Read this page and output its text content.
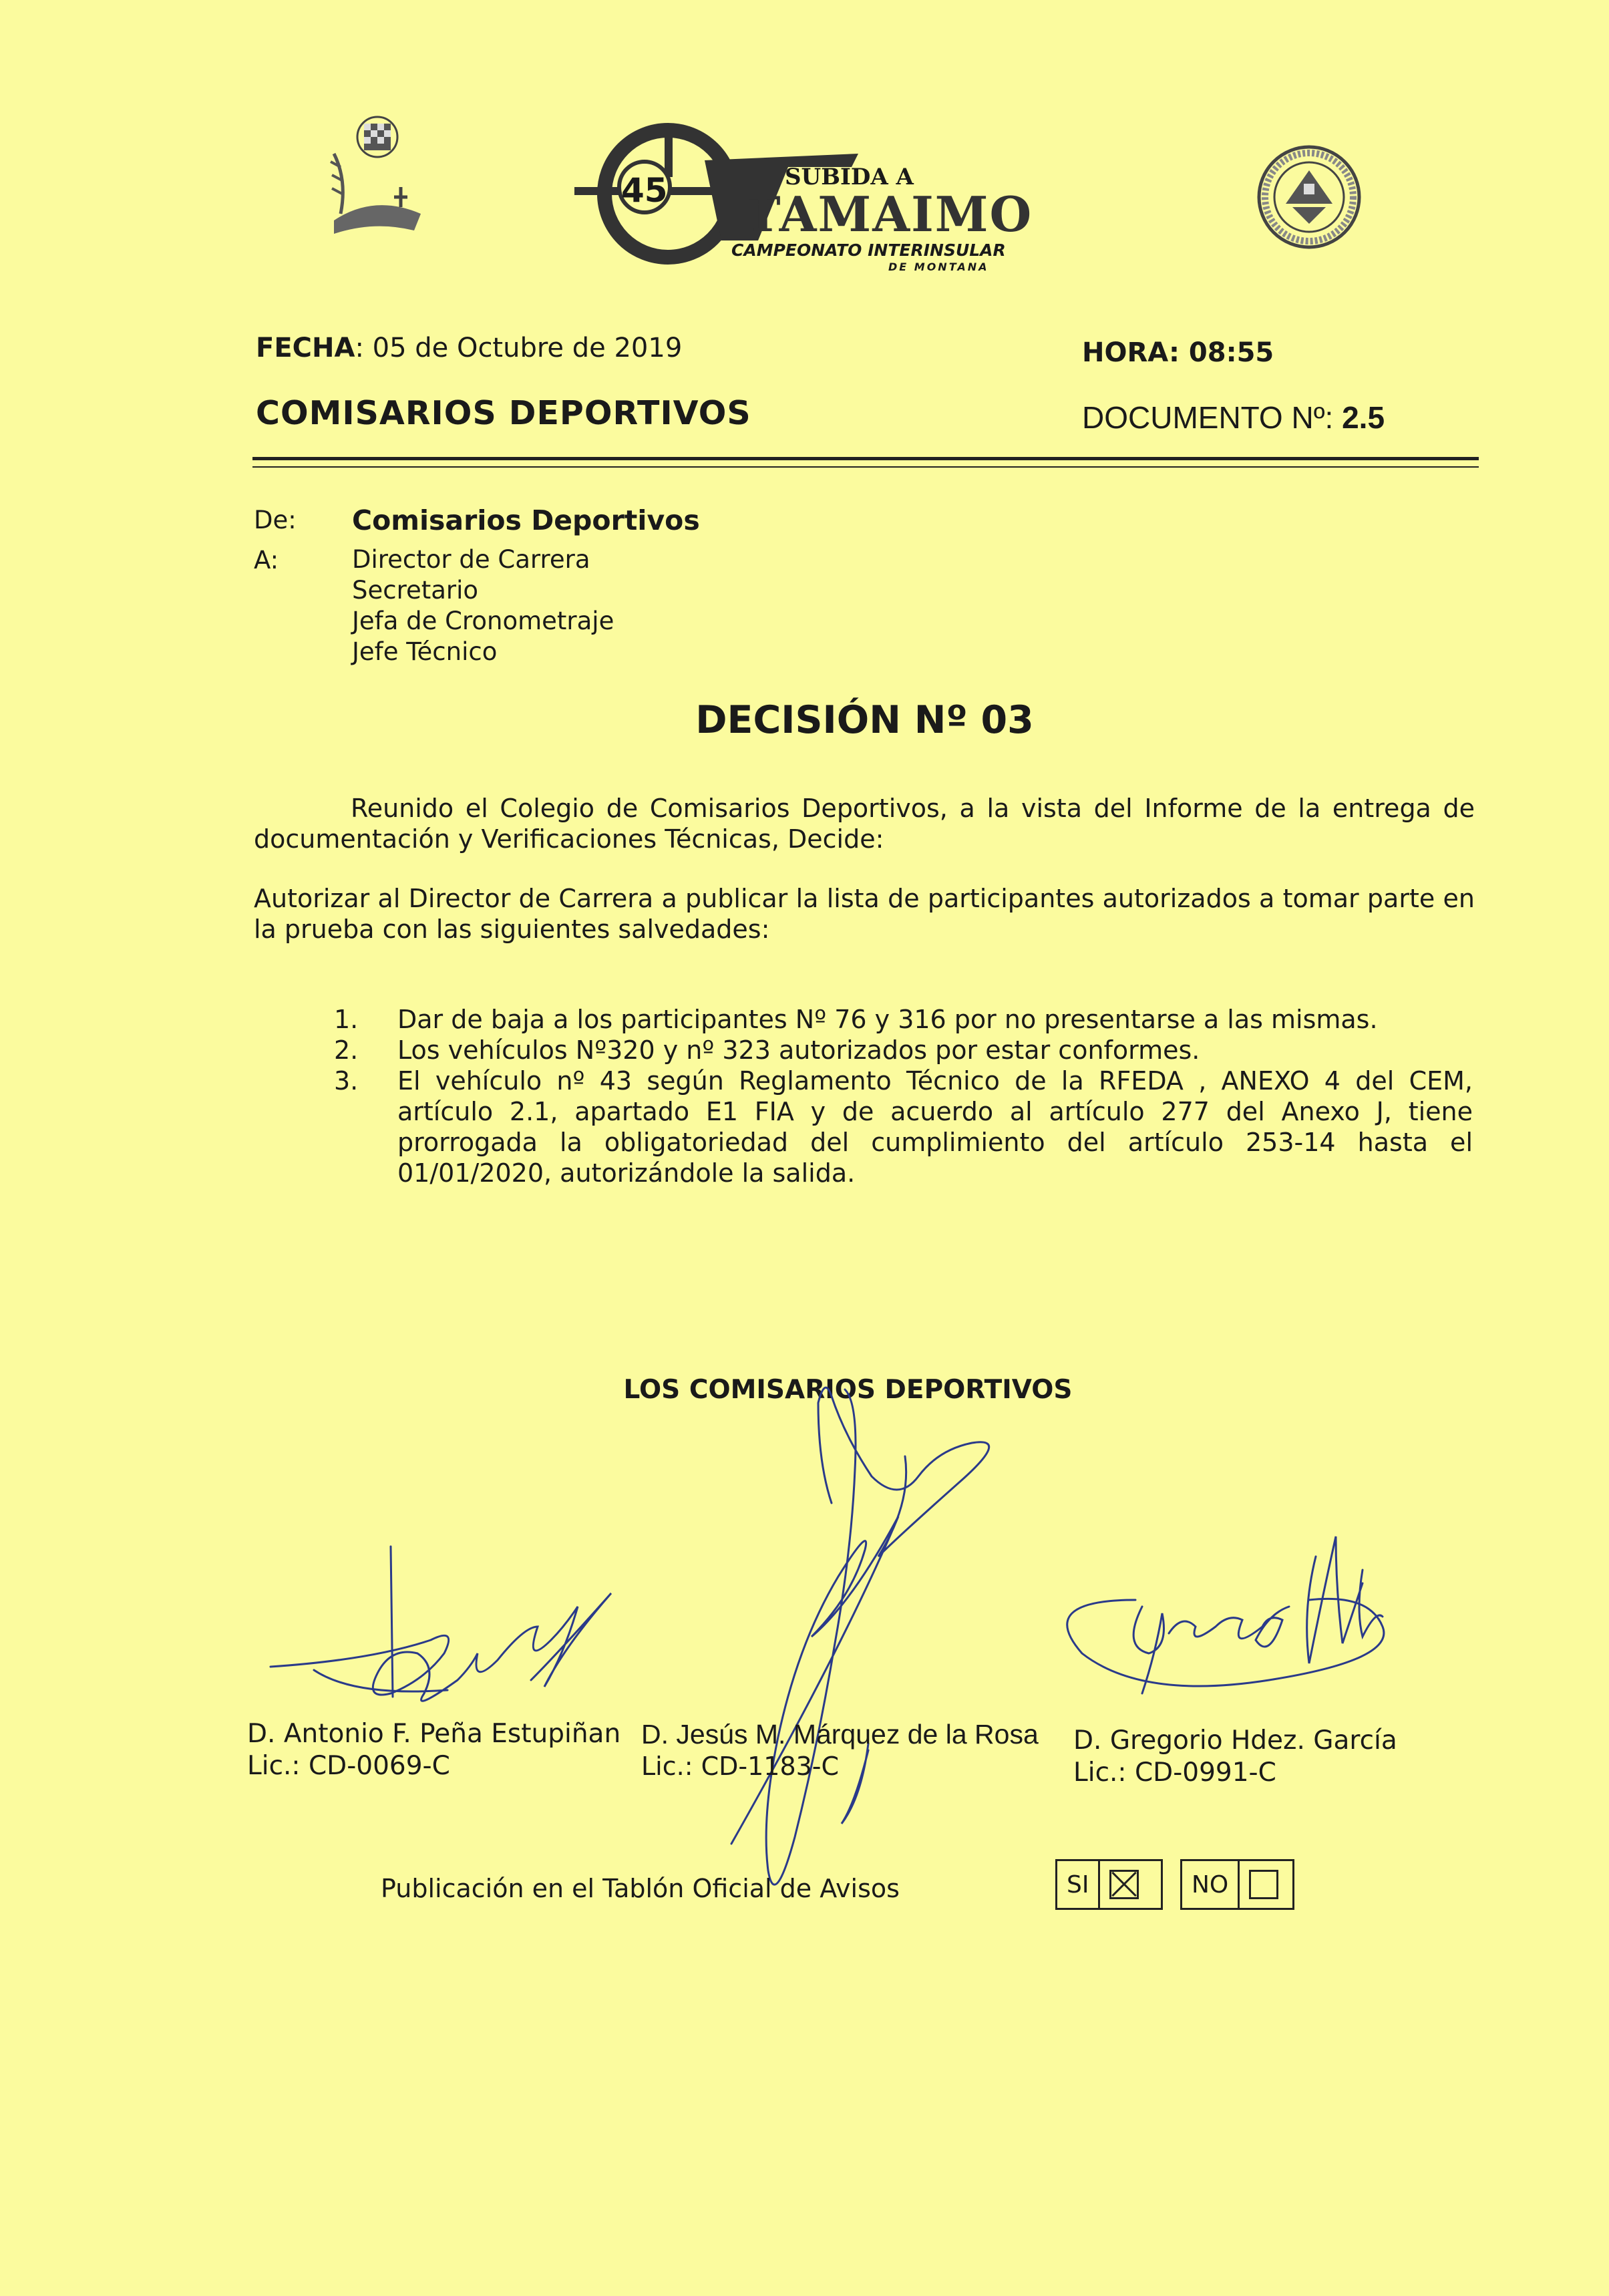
45	SUBIDA A
TAMAIMO
CAMPEONATO INTERINSULAR
DE MONTANA
FECHA: 05 de Octubre de 2019	HORA: 08:55
COMISARIOS DEPORTIVOS	DOCUMENTO Nº: 2.5
De: Comisarios Deportivos
A:	Director de Carrera
Secretario
Jefa de Cronometraje
Jefe Técnico
DECISIÓN Nº 03
Reunido el Colegio de Comisarios Deportivos, a la vista del Informe de la entrega de documentación y Verificaciones Técnicas, Decide:
Autorizar al Director de Carrera a publicar la lista de participantes autorizados a tomar parte en la prueba con las siguientes salvedades:
1.	Dar de baja a los participantes Nº 76 y 316 por no presentarse a las mismas.
2.	Los vehículos Nº320 y nº 323 autorizados por estar conformes.
3.	El vehículo nº 43 según Reglamento Técnico de la RFEDA , ANEXO 4 del CEM, artículo 2.1, apartado E1 FIA y de acuerdo al artículo 277 del Anexo J, tiene prorrogada la obligatoriedad del cumplimiento del artículo 253-14 hasta el 01/01/2020, autorizándole la salida.
LOS COMISARIOS DEPORTIVOS
D. Antonio F. Peña Estupiñan
Lic.: CD-0069-C
D. Jesús M. Márquez de la Rosa
Lic.: CD-1183-C
D. Gregorio Hdez. García
Lic.: CD-0991-C
Publicación en el Tablón Oficial de Avisos	SI	NO
